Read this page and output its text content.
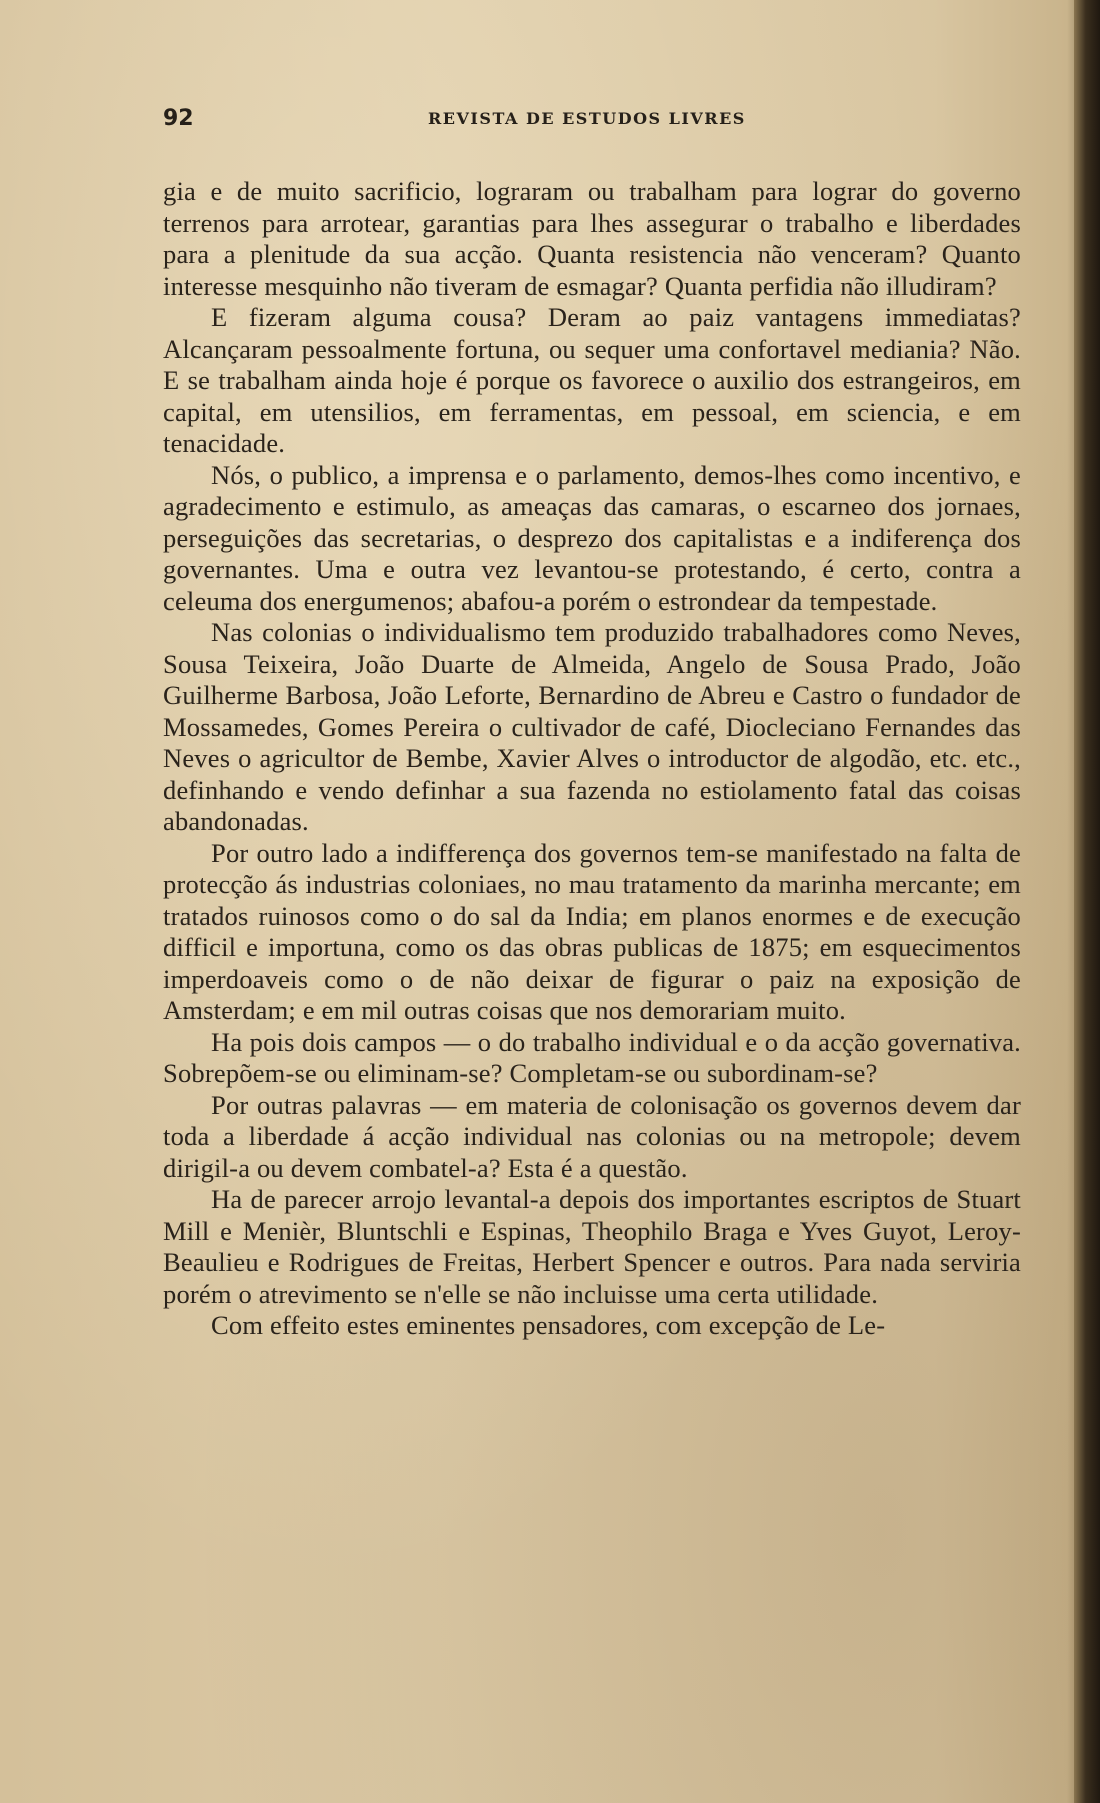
92	REVISTA DE ESTUDOS LIVRES

gia e de muito sacrificio, lograram ou trabalham para lograr do governo terrenos para arrotear, garantias para lhes assegurar o trabalho e liberdades para a plenitude da sua acção. Quanta resistencia não venceram? Quanto interesse mesquinho não tiveram de esmagar? Quanta perfidia não illudiram?

E fizeram alguma cousa? Deram ao paiz vantagens immediatas? Alcançaram pessoalmente fortuna, ou sequer uma confortavel mediania? Não. E se trabalham ainda hoje é porque os favorece o auxilio dos estrangeiros, em capital, em utensilios, em ferramentas, em pessoal, em sciencia, e em tenacidade.

Nós, o publico, a imprensa e o parlamento, demos-lhes como incentivo, e agradecimento e estimulo, as ameaças das camaras, o escarneo dos jornaes, perseguições das secretarias, o desprezo dos capitalistas e a indiferença dos governantes. Uma e outra vez levantou-se protestando, é certo, contra a celeuma dos energumenos; abafou-a porém o estrondear da tempestade.

Nas colonias o individualismo tem produzido trabalhadores como Neves, Sousa Teixeira, João Duarte de Almeida, Angelo de Sousa Prado, João Guilherme Barbosa, João Leforte, Bernardino de Abreu e Castro o fundador de Mossamedes, Gomes Pereira o cultivador de café, Diocleciano Fernandes das Neves o agricultor de Bembe, Xavier Alves o introductor de algodão, etc. etc., definhando e vendo definhar a sua fazenda no estiolamento fatal das coisas abandonadas.

Por outro lado a indifferença dos governos tem-se manifestado na falta de protecção ás industrias coloniaes, no mau tratamento da marinha mercante; em tratados ruinosos como o do sal da India; em planos enormes e de execução difficil e importuna, como os das obras publicas de 1875; em esquecimentos imperdoaveis como o de não deixar de figurar o paiz na exposição de Amsterdam; e em mil outras coisas que nos demorariam muito.

Ha pois dois campos — o do trabalho individual e o da acção governativa. Sobrepõem-se ou eliminam-se? Completam-se ou subordinam-se?

Por outras palavras — em materia de colonisação os governos devem dar toda a liberdade á acção individual nas colonias ou na metropole; devem dirigil-a ou devem combatel-a? Esta é a questão.

Ha de parecer arrojo levantal-a depois dos importantes escriptos de Stuart Mill e Menièr, Bluntschli e Espinas, Theophilo Braga e Yves Guyot, Leroy-Beaulieu e Rodrigues de Freitas, Herbert Spencer e outros. Para nada serviria porém o atrevimento se n'elle se não incluisse uma certa utilidade.

Com effeito estes eminentes pensadores, com excepção de Le-
